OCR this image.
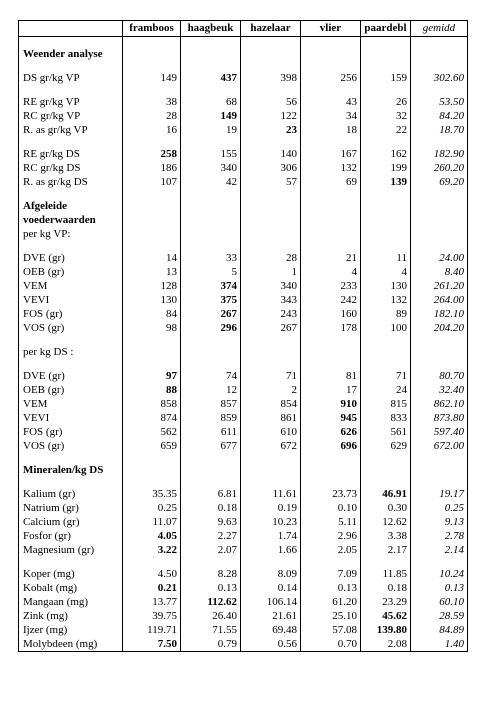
	framboos	haagbeuk	hazelaar	vlier	paardebl	gemidd

Weender analyse						

DS gr/kg VP	149	437	398	256	159	302.60

RE gr/kg VP	38	68	56	43	26	53.50
RC gr/kg VP	28	149	122	34	32	84.20
R. as gr/kg VP	16	19	23	18	22	18.70

RE gr/kg DS	258	155	140	167	162	182.90
RC gr/kg DS	186	340	306	132	199	260.20
R. as gr/kg DS	107	42	57	69	139	69.20

Afgeleide						
voederwaarden						
per kg VP:						

DVE (gr)	14	33	28	21	11	24.00
OEB (gr)	13	5	1	4	4	8.40
VEM	128	374	340	233	130	261.20
VEVI	130	375	343	242	132	264.00
FOS (gr)	84	267	243	160	89	182.10
VOS (gr)	98	296	267	178	100	204.20

per kg DS :						

DVE (gr)	97	74	71	81	71	80.70
OEB (gr)	88	12	2	17	24	32.40
VEM	858	857	854	910	815	862.10
VEVI	874	859	861	945	833	873.80
FOS (gr)	562	611	610	626	561	597.40
VOS (gr)	659	677	672	696	629	672.00

Mineralen/kg DS						

Kalium (gr)	35.35	6.81	11.61	23.73	46.91	19.17
Natrium (gr)	0.25	0.18	0.19	0.10	0.30	0.25
Calcium (gr)	11.07	9.63	10.23	5.11	12.62	9.13
Fosfor (gr)	4.05	2.27	1.74	2.96	3.38	2.78
Magnesium (gr)	3.22	2.07	1.66	2.05	2.17	2.14

Koper (mg)	4.50	8.28	8.09	7.09	11.85	10.24
Kobalt (mg)	0.21	0.13	0.14	0.13	0.18	0.13
Mangaan (mg)	13.77	112.62	106.14	61.20	23.29	60.10
Zink (mg)	39.75	26.40	21.61	25.10	45.62	28.59
Ijzer (mg)	119.71	71.55	69.48	57.08	139.80	84.89
Molybdeen (mg)	7.50	0.79	0.56	0.70	2.08	1.40
